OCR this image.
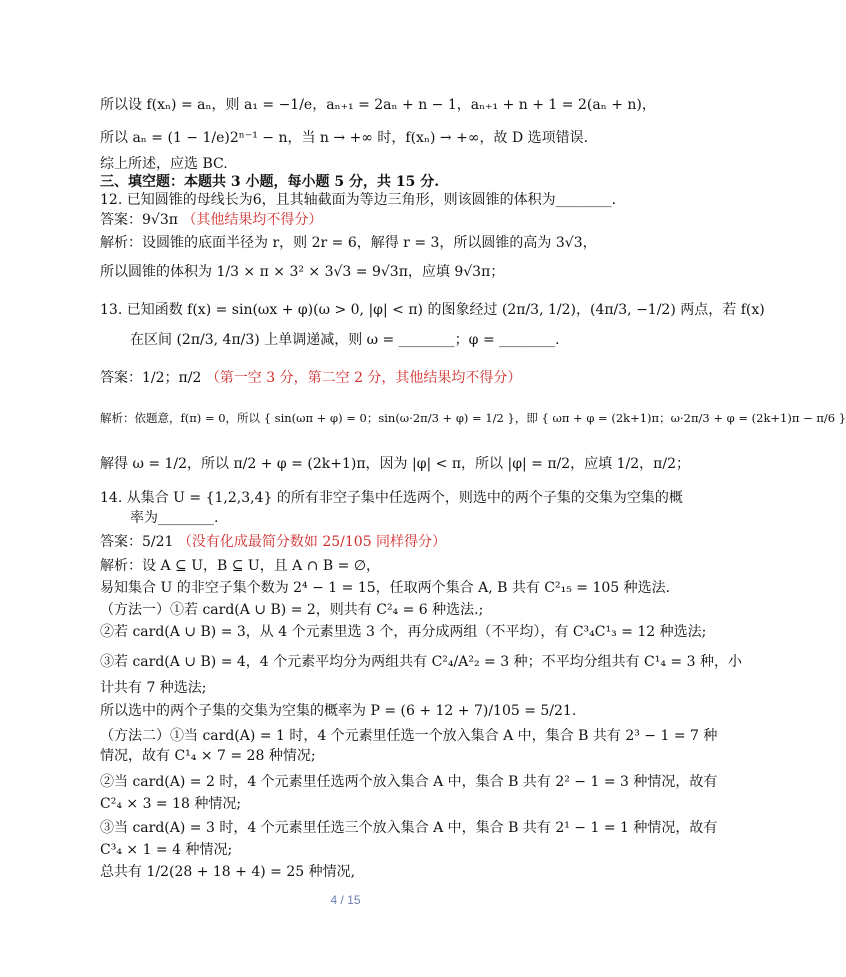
所以设 f(xₙ) = aₙ，则 a₁ = −1/e，aₙ₊₁ = 2aₙ + n − 1，aₙ₊₁ + n + 1 = 2(aₙ + n)，
所以 aₙ = (1 − 1/e)2ⁿ⁻¹ − n，当 n → +∞ 时，f(xₙ) → +∞，故 D 选项错误.
综上所述，应选 BC.
三、填空题：本题共 3 小题，每小题 5 分，共 15 分.
12. 已知圆锥的母线长为6，且其轴截面为等边三角形，则该圆锥的体积为________.
答案：9√3π （其他结果均不得分）
解析：设圆锥的底面半径为 r，则 2r = 6，解得 r = 3，所以圆锥的高为 3√3，
所以圆锥的体积为 1/3 × π × 3² × 3√3 = 9√3π，应填 9√3π；
13. 已知函数 f(x) = sin(ωx + φ)(ω > 0, |φ| < π) 的图象经过 (2π/3, 1/2)，(4π/3, −1/2) 两点，若 f(x)
在区间 (2π/3, 4π/3) 上单调递减，则 ω = ________；φ = ________.
答案：1/2；π/2 （第一空 3 分，第二空 2 分，其他结果均不得分）
解析：依题意，f(π) = 0，所以 { sin(ωπ + φ) = 0；sin(ω·2π/3 + φ) = 1/2 }，即 { ωπ + φ = (2k+1)π；ω·2π/3 + φ = (2k+1)π − π/6 }
解得 ω = 1/2，所以 π/2 + φ = (2k+1)π，因为 |φ| < π，所以 |φ| = π/2，应填 1/2，π/2；
14. 从集合 U = {1,2,3,4} 的所有非空子集中任选两个，则选中的两个子集的交集为空集的概
率为________.
答案：5/21 （没有化成最简分数如 25/105 同样得分）
解析：设 A ⊆ U，B ⊆ U，且 A ∩ B = ∅，
易知集合 U 的非空子集个数为 2⁴ − 1 = 15，任取两个集合 A, B 共有 C²₁₅ = 105 种选法.
（方法一）①若 card(A ∪ B) = 2，则共有 C²₄ = 6 种选法.;
②若 card(A ∪ B) = 3，从 4 个元素里选 3 个，再分成两组（不平均），有 C³₄C¹₃ = 12 种选法;
③若 card(A ∪ B) = 4，4 个元素平均分为两组共有 C²₄/A²₂ = 3 种；不平均分组共有 C¹₄ = 3 种，小
计共有 7 种选法;
所以选中的两个子集的交集为空集的概率为 P = (6 + 12 + 7)/105 = 5/21.
（方法二）①当 card(A) = 1 时，4 个元素里任选一个放入集合 A 中，集合 B 共有 2³ − 1 = 7 种
情况，故有 C¹₄ × 7 = 28 种情况;
②当 card(A) = 2 时，4 个元素里任选两个放入集合 A 中，集合 B 共有 2² − 1 = 3 种情况，故有
C²₄ × 3 = 18 种情况;
③当 card(A) = 3 时，4 个元素里任选三个放入集合 A 中，集合 B 共有 2¹ − 1 = 1 种情况，故有
C³₄ × 1 = 4 种情况;
总共有 1/2(28 + 18 + 4) = 25 种情况,
4 / 15
